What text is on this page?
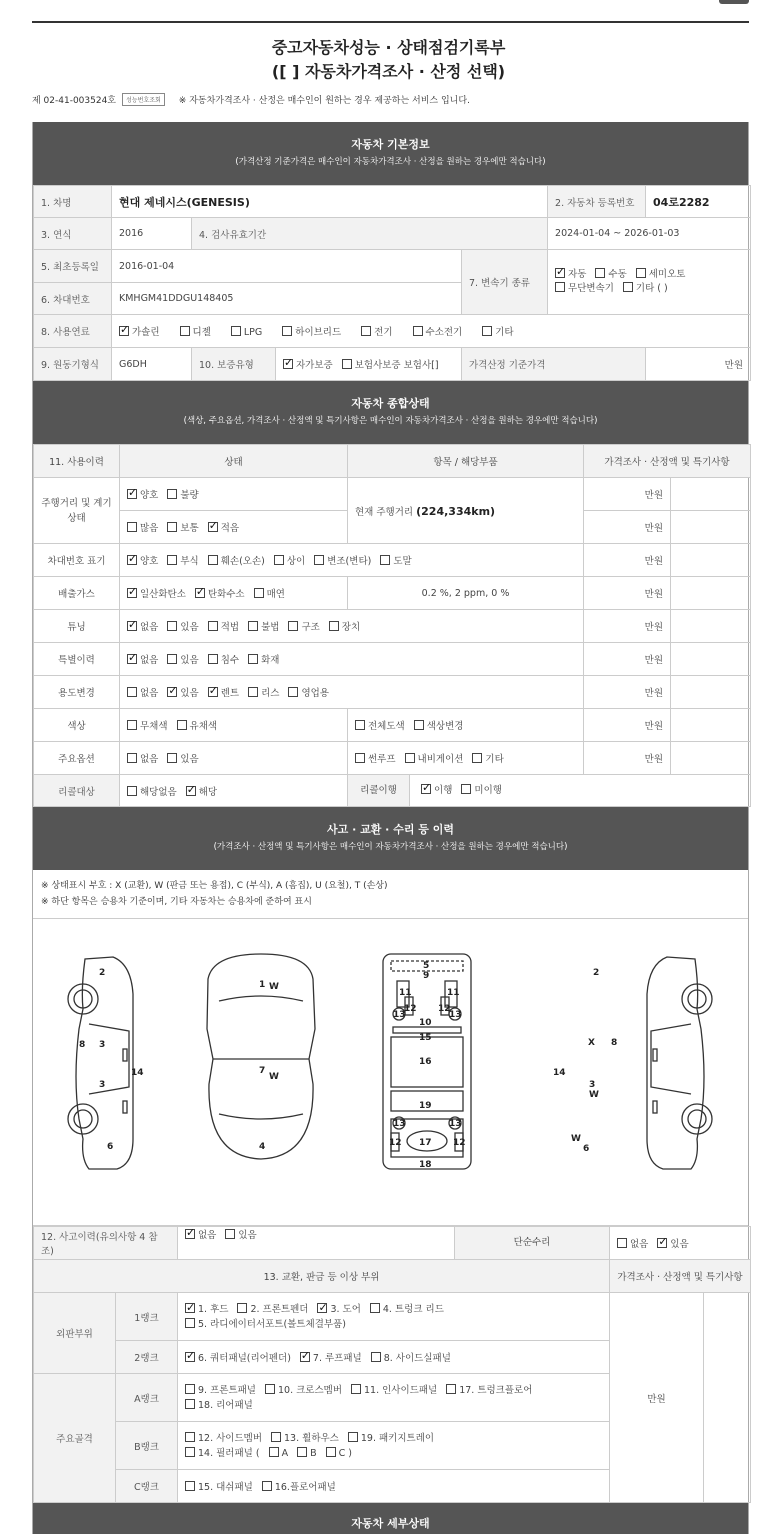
중고자동차성능 · 상태점검기록부
([ ] 자동차가격조사 · 산정 선택)
제 02-41-003524호	성능번호조회	※ 자동차가격조사 · 산정은 매수인이 원하는 경우 제공하는 서비스 입니다.
자동차 기본정보
(가격산정 기준가격은 매수인이 자동차가격조사 · 산정을 원하는 경우에만 적습니다)
1. 차명	현대 제네시스(GENESIS)				2. 자동차 등록번호	04로2282
3. 연식	2016	4. 검사유효기간			2024-01-04 ~ 2026-01-03	
5. 최초등록일	2016-01-04			7. 변속기 종류	✓자동 수동 세미오토
무단변속기 기타 ( )
6. 차대번호	KMHGM41DDGU148405					
8. 사용연료	✓가솔린 디젤 LPG 하이브리드 전기 수소전기 기타
9. 원동기형식	G6DH	10. 보증유형	✓자가보증 보험사보증 보험사[]	가격산정 기준가격		만원
자동차 종합상태
(색상, 주요옵션, 가격조사 · 산정액 및 특기사항은 매수인이 자동차가격조사 · 산정을 원하는 경우에만 적습니다)
11. 사용이력	상태	항목 / 해당부품	가격조사 · 산정액 및 특기사항	
주행거리 및 계기상태	✓양호 불량	현재 주행거리 (224,334km)	만원	
	많음 보통 ✓ 적음		만원	
차대번호 표기	✓양호 부식 훼손(오손) 상이 변조(변타) 도말		만원	
배출가스	✓일산화탄소 ✓ 탄화수소 매연	0.2 %, 2 ppm, 0 %	만원	
튜닝	✓없음 있음 적법 불법 구조 장치		만원	
특별이력	✓없음 있음 침수 화재		만원	
용도변경	없음 ✓ 있음 ✓ 렌트 리스 영업용		만원	
색상	무채색 유채색	전체도색 색상변경	만원	
주요옵션	없음 있음	썬루프 내비게이션 기타	만원	
리콜대상	해당없음 ✓ 해당	리콜이행 ✓ 이행 미이행
사고 · 교환 · 수리 등 이력
(가격조사 · 산정액 및 특기사항은 매수인이 자동차가격조사 · 산정을 원하는 경우에만 적습니다)
※ 상태표시 부호 : X (교환), W (판금 또는 용접), C (부식), A (흠집), U (요철), T (손상)
※ 하단 항목은 승용차 기준이며, 기타 자동차는 승용차에 준하여 표시
2
8 3
3
14
6
1 W
7
W
4
5
9
11	11
12 12
13	13
10
15
16
19
13	13
12	12
17
18
2
X 8
14
3
W
W
6
12. 사고이력(유의사항 4 참조)	✓없음 있음
단순수리	없음 ✓ 있음
13. 교환, 판금 등 이상 부위			가격조사 · 산정액 및 특기사항	
외판부위	1랭크	✓1. 후드 2. 프론트펜더 ✓ 3. 도어 4. 트렁크 리드
5. 라디에이터서포트(볼트체결부품)	만원	
	2랭크	✓6. 쿼터패널(리어펜더) ✓ 7. 루프패널 8. 사이드실패널
주요골격	A랭크	9. 프론트패널 10. 크로스멤버 11. 인사이드패널 17. 트렁크플로어
18. 리어패널		
	B랭크	12. 사이드멤버 13. 휠하우스 19. 패키지트레이
14. 필러패널 ( A B C )		
	C랭크	15. 대쉬패널 16.플로어패널		
자동차 세부상태
